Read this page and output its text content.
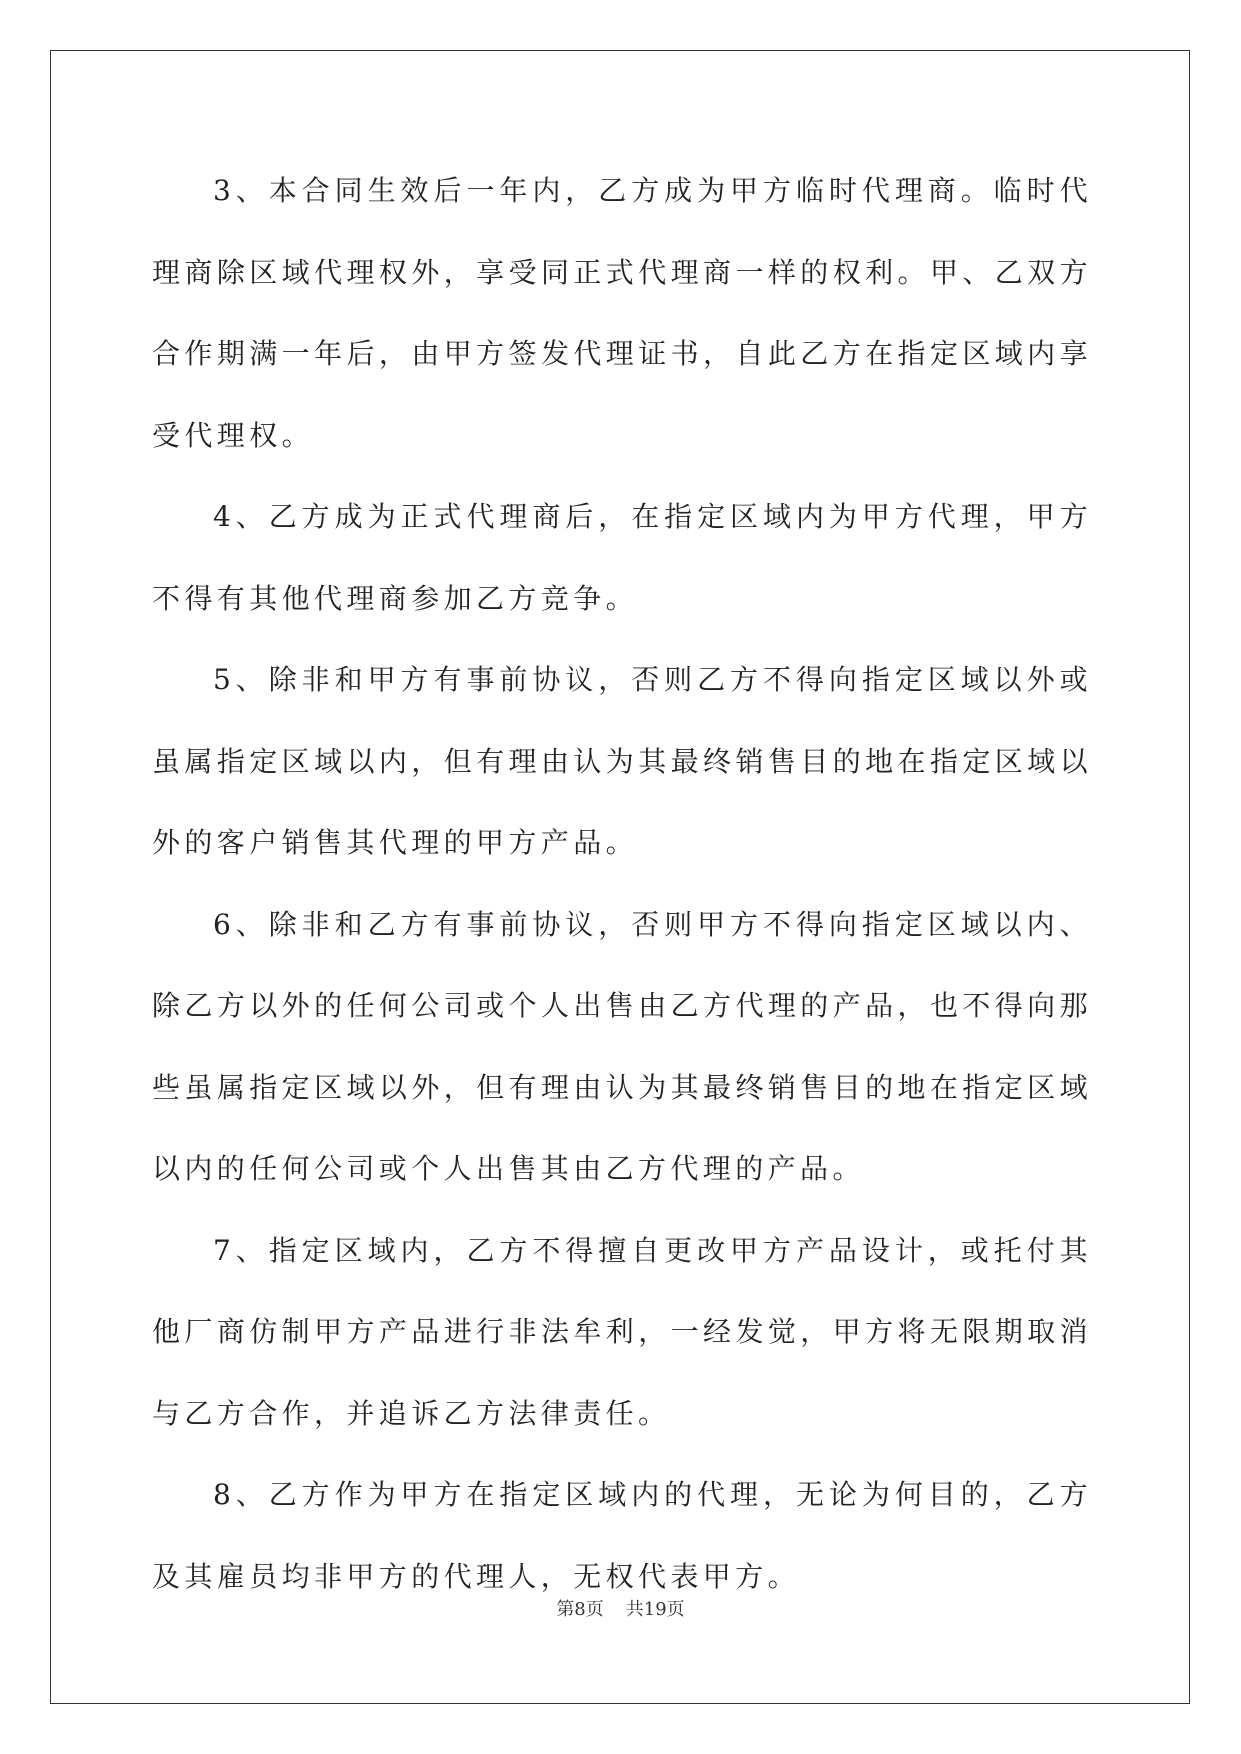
3、本合同生效后一年内，乙方成为甲方临时代理商。临时代理商除区域代理权外，享受同正式代理商一样的权利。甲、乙双方合作期满一年后，由甲方签发代理证书，自此乙方在指定区域内享受代理权。

4、乙方成为正式代理商后，在指定区域内为甲方代理，甲方不得有其他代理商参加乙方竞争。

5、除非和甲方有事前协议，否则乙方不得向指定区域以外或虽属指定区域以内，但有理由认为其最终销售目的地在指定区域以外的客户销售其代理的甲方产品。

6、除非和乙方有事前协议，否则甲方不得向指定区域以内、除乙方以外的任何公司或个人出售由乙方代理的产品，也不得向那些虽属指定区域以外，但有理由认为其最终销售目的地在指定区域以内的任何公司或个人出售其由乙方代理的产品。

7、指定区域内，乙方不得擅自更改甲方产品设计，或托付其他厂商仿制甲方产品进行非法牟利，一经发觉，甲方将无限期取消与乙方合作，并追诉乙方法律责任。

8、乙方作为甲方在指定区域内的代理，无论为何目的，乙方及其雇员均非甲方的代理人，无权代表甲方。

第8页 共19页
